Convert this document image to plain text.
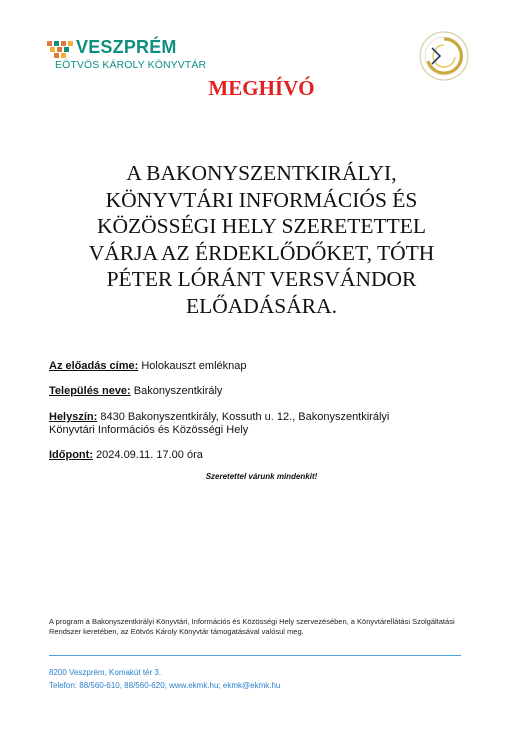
VESZPRÉM
EÖTVÖS KÁROLY KÖNYVTÁR
MEGHÍVÓ
A BAKONYSZENTKIRÁLYI,
KÖNYVTÁRI INFORMÁCIÓS ÉS
KÖZÖSSÉGI HELY SZERETETTEL
VÁRJA AZ ÉRDEKLŐDŐKET, TÓTH
PÉTER LÓRÁNT VERSVÁNDOR
ELŐADÁSÁRA.
Az előadás címe: Holokauszt emléknap
Település neve: Bakonyszentkirály
Helyszín: 8430 Bakonyszentkirály, Kossuth u. 12., Bakonyszentkirályi
Könyvtári Információs és Közösségi Hely
Időpont: 2024.09.11. 17.00 óra
Szeretettel várunk mindenkit!
A program a Bakonyszentkirályi Könyvtári, Információs és Közösségi Hely szervezésében, a Könyvtárellátási Szolgáltatási Rendszer keretében, az Eötvös Károly Könyvtár támogatásával valósul meg.
8200 Veszprém, Komakút tér 3.
Telefon: 88/560-610, 88/560-620; www.ekmk.hu; ekmk@ekmk.hu
